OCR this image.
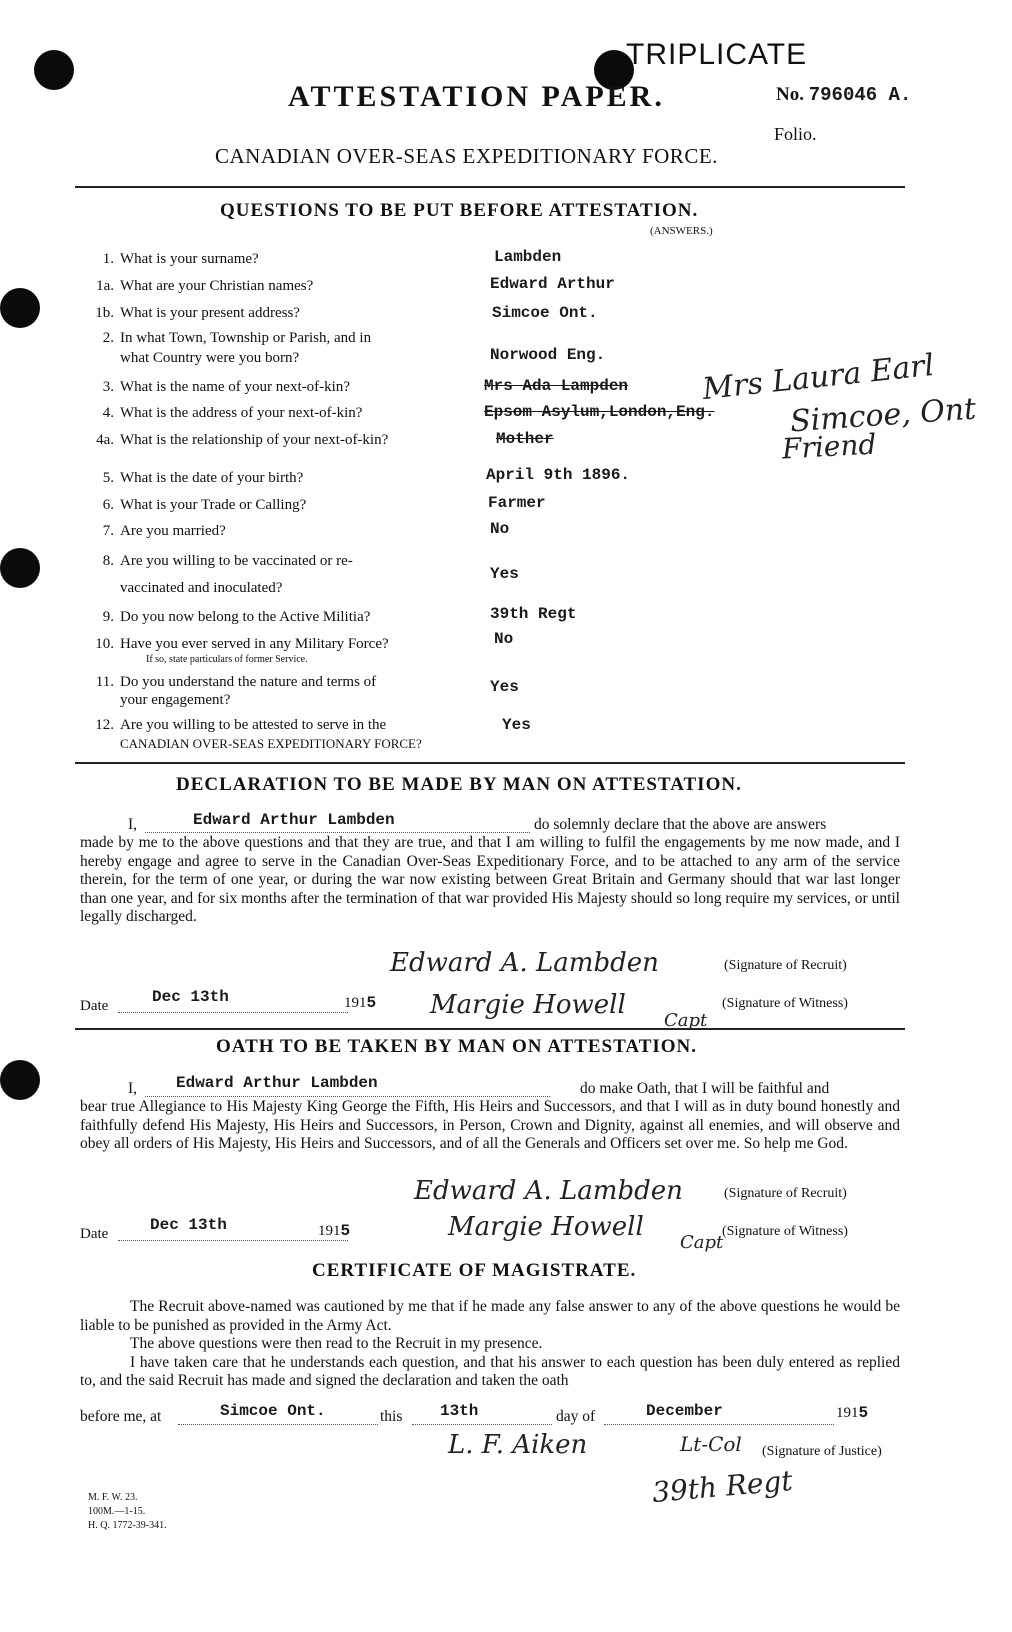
TRIPLICATE
ATTESTATION PAPER.	No. 796046 A.
Folio.
CANADIAN OVER-SEAS EXPEDITIONARY FORCE.
QUESTIONS TO BE PUT BEFORE ATTESTATION.
(ANSWERS.)
1. What is your surname?	Lambden
1a. What are your Christian names?	Edward Arthur
1b. What is your present address?	Simcoe Ont.
2. In what Town, Township or Parish, and in
what Country were you born?	Norwood Eng.
3. What is the name of your next-of-kin?	Mrs Ada Lampden
4. What is the address of your next-of-kin?	Epsom Asylum,London,Eng.
4a. What is the relationship of your next-of-kin?	Mother
Mrs Laura Earl
Simcoe, Ont
Friend
5. What is the date of your birth?	April 9th 1896.
6. What is your Trade or Calling?	Farmer
7. Are you married?	No
8. Are you willing to be vaccinated or re-
vaccinated and inoculated?
Yes
9. Do you now belong to the Active Militia?	39th Regt
10. Have you ever served in any Military Force?
If so, state particulars of former Service.
No
11. Do you understand the nature and terms of
your engagement?
Yes
12. Are you willing to be attested to serve in the
CANADIAN OVER-SEAS EXPEDITIONARY FORCE?
Yes
DECLARATION TO BE MADE BY MAN ON ATTESTATION.
I,	Edward Arthur Lambden	do solemnly declare that the above are answers

made by me to the above questions and that they are true, and that I am willing to fulfil the engagements by me now made, and I hereby engage and agree to serve in the Canadian Over-Seas Expeditionary Force, and to be attached to any arm of the service therein, for the term of one year, or during the war now existing between Great Britain and Germany should that war last longer than one year, and for six months after the termination of that war provided His Majesty should so long require my services, or until legally discharged.

Edward A. Lambden	(Signature of Recruit)
Date	Dec 13th	1915 Margie Howell
Capt
(Signature of Witness)
OATH TO BE TAKEN BY MAN ON ATTESTATION.
I, Edward Arthur Lambden	do make Oath, that I will be faithful and

bear true Allegiance to His Majesty King George the Fifth, His Heirs and Successors, and that I will as in duty bound honestly and faithfully defend His Majesty, His Heirs and Successors, in Person, Crown and Dignity, against all enemies, and will observe and obey all orders of His Majesty, His Heirs and Successors, and of all the Generals and Officers set over me. So help me God.

Edward A. Lambden	(Signature of Recruit)
Date	Dec 13th	1915	Margie Howell
Capt
(Signature of Witness)
CERTIFICATE OF MAGISTRATE.

The Recruit above-named was cautioned by me that if he made any false answer to any of the above questions he would be liable to be punished as provided in the Army Act.

The above questions were then read to the Recruit in my presence.

I have taken care that he understands each question, and that his answer to each question has been duly entered as replied to, and the said Recruit has made and signed the declaration and taken the oath

before me, at	Simcoe Ont.	this 13th	day of	December	1915
L. F. Aiken	Lt-Col (Signature of Justice)
39th Regt
M. F. W. 23.
100M.—1-15.
H. Q. 1772-39-341.
